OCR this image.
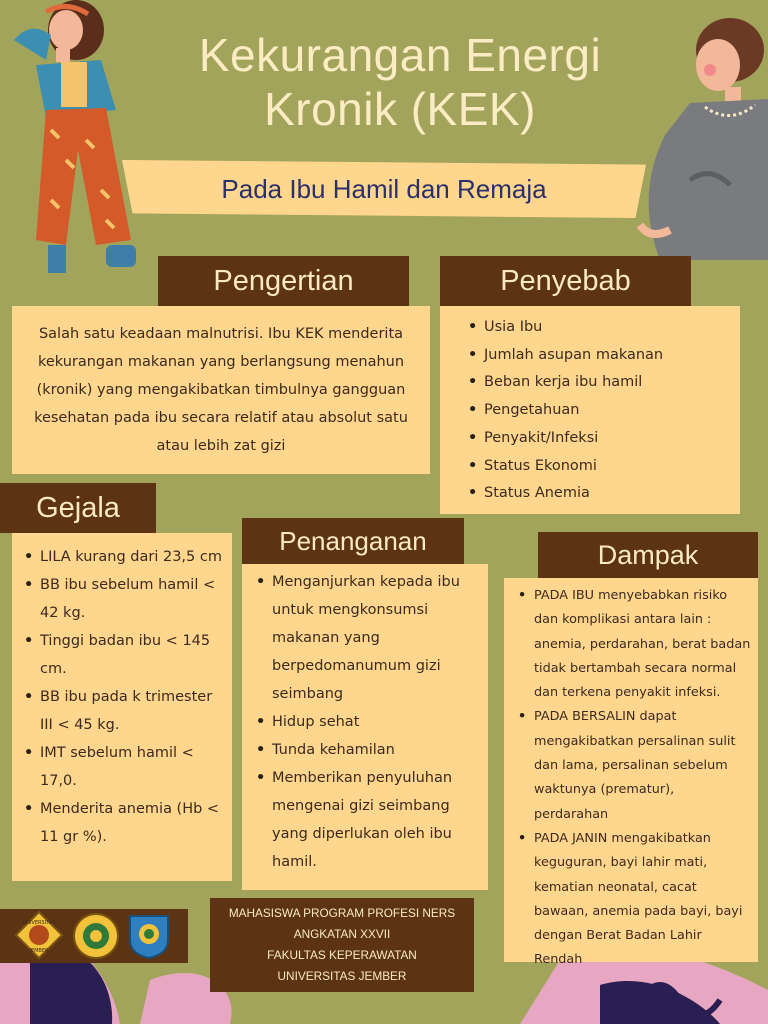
Kekurangan Energi
Kronik (KEK)
Pada Ibu Hamil dan Remaja
Pengertian

Salah satu keadaan malnutrisi. Ibu KEK menderita kekurangan makanan yang berlangsung menahun (kronik) yang mengakibatkan timbulnya gangguan kesehatan pada ibu secara relatif atau absolut satu atau lebih zat gizi

Penyebab
• Usia Ibu
• Jumlah asupan makanan
• Beban kerja ibu hamil
• Pengetahuan
• Penyakit/Infeksi
• Status Ekonomi
• Status Anemia
Gejala
• LILA kurang dari 23,5 cm
• BB ibu sebelum hamil < 42 kg.
• Tinggi badan ibu < 145 cm.
• BB ibu pada k trimester III < 45 kg.
• IMT sebelum hamil < 17,0.
• Menderita anemia (Hb < 11 gr %).
Penanganan
• Menganjurkan kepada ibu untuk mengkonsumsi makanan yang berpedomanumum gizi seimbang
• Hidup sehat
• Tunda kehamilan
• Memberikan penyuluhan mengenai gizi seimbang yang diperlukan oleh ibu hamil.
Dampak
• PADA IBU menyebabkan risiko dan komplikasi antara lain : anemia, perdarahan, berat badan tidak bertambah secara normal dan terkena penyakit infeksi.
• PADA BERSALIN dapat mengakibatkan persalinan sulit dan lama, persalinan sebelum waktunya (prematur), perdarahan
• PADA JANIN mengakibatkan keguguran, bayi lahir mati, kematian neonatal, cacat bawaan, anemia pada bayi, bayi dengan Berat Badan Lahir Rendah
UNIVERSITAS
JEMBER
MAHASISWA PROGRAM PROFESI NERS
ANGKATAN XXVII
FAKULTAS KEPERAWATAN
UNIVERSITAS JEMBER
